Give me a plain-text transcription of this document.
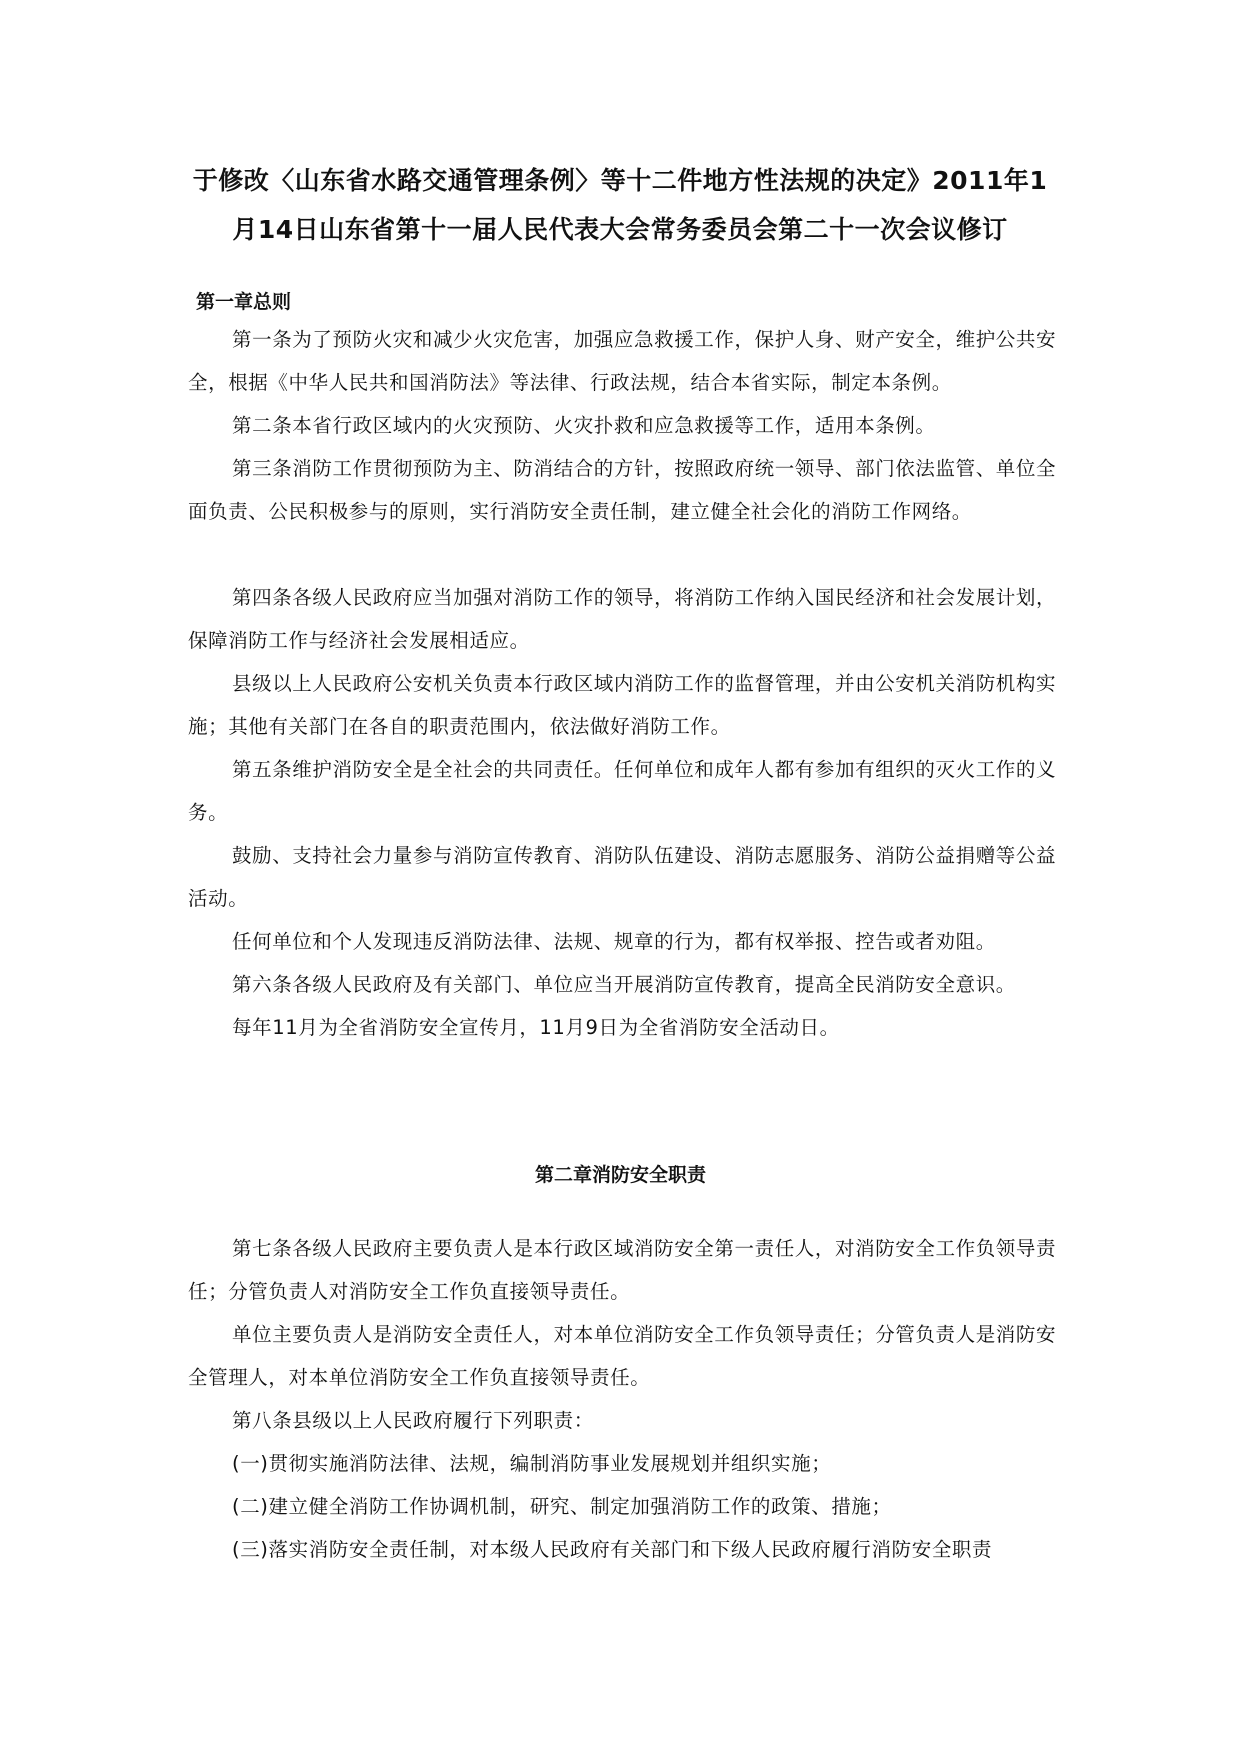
于修改〈山东省水路交通管理条例〉等十二件地方性法规的决定》2011年1
月14日山东省第十一届人民代表大会常务委员会第二十一次会议修订
第一章总则
第一条为了预防火灾和减少火灾危害，加强应急救援工作，保护人身、财产安全，维护公共安全，根据《中华人民共和国消防法》等法律、行政法规，结合本省实际，制定本条例。
第二条本省行政区域内的火灾预防、火灾扑救和应急救援等工作，适用本条例。
第三条消防工作贯彻预防为主、防消结合的方针，按照政府统一领导、部门依法监管、单位全面负责、公民积极参与的原则，实行消防安全责任制，建立健全社会化的消防工作网络。
第四条各级人民政府应当加强对消防工作的领导，将消防工作纳入国民经济和社会发展计划，保障消防工作与经济社会发展相适应。
县级以上人民政府公安机关负责本行政区域内消防工作的监督管理，并由公安机关消防机构实施；其他有关部门在各自的职责范围内，依法做好消防工作。
第五条维护消防安全是全社会的共同责任。任何单位和成年人都有参加有组织的灭火工作的义务。
鼓励、支持社会力量参与消防宣传教育、消防队伍建设、消防志愿服务、消防公益捐赠等公益活动。
任何单位和个人发现违反消防法律、法规、规章的行为，都有权举报、控告或者劝阻。
第六条各级人民政府及有关部门、单位应当开展消防宣传教育，提高全民消防安全意识。
每年11月为全省消防安全宣传月，11月9日为全省消防安全活动日。
第二章消防安全职责
第七条各级人民政府主要负责人是本行政区域消防安全第一责任人，对消防安全工作负领导责任；分管负责人对消防安全工作负直接领导责任。
单位主要负责人是消防安全责任人，对本单位消防安全工作负领导责任；分管负责人是消防安全管理人，对本单位消防安全工作负直接领导责任。
第八条县级以上人民政府履行下列职责：
(一)贯彻实施消防法律、法规，编制消防事业发展规划并组织实施；
(二)建立健全消防工作协调机制，研究、制定加强消防工作的政策、措施；
(三)落实消防安全责任制，对本级人民政府有关部门和下级人民政府履行消防安全职责
